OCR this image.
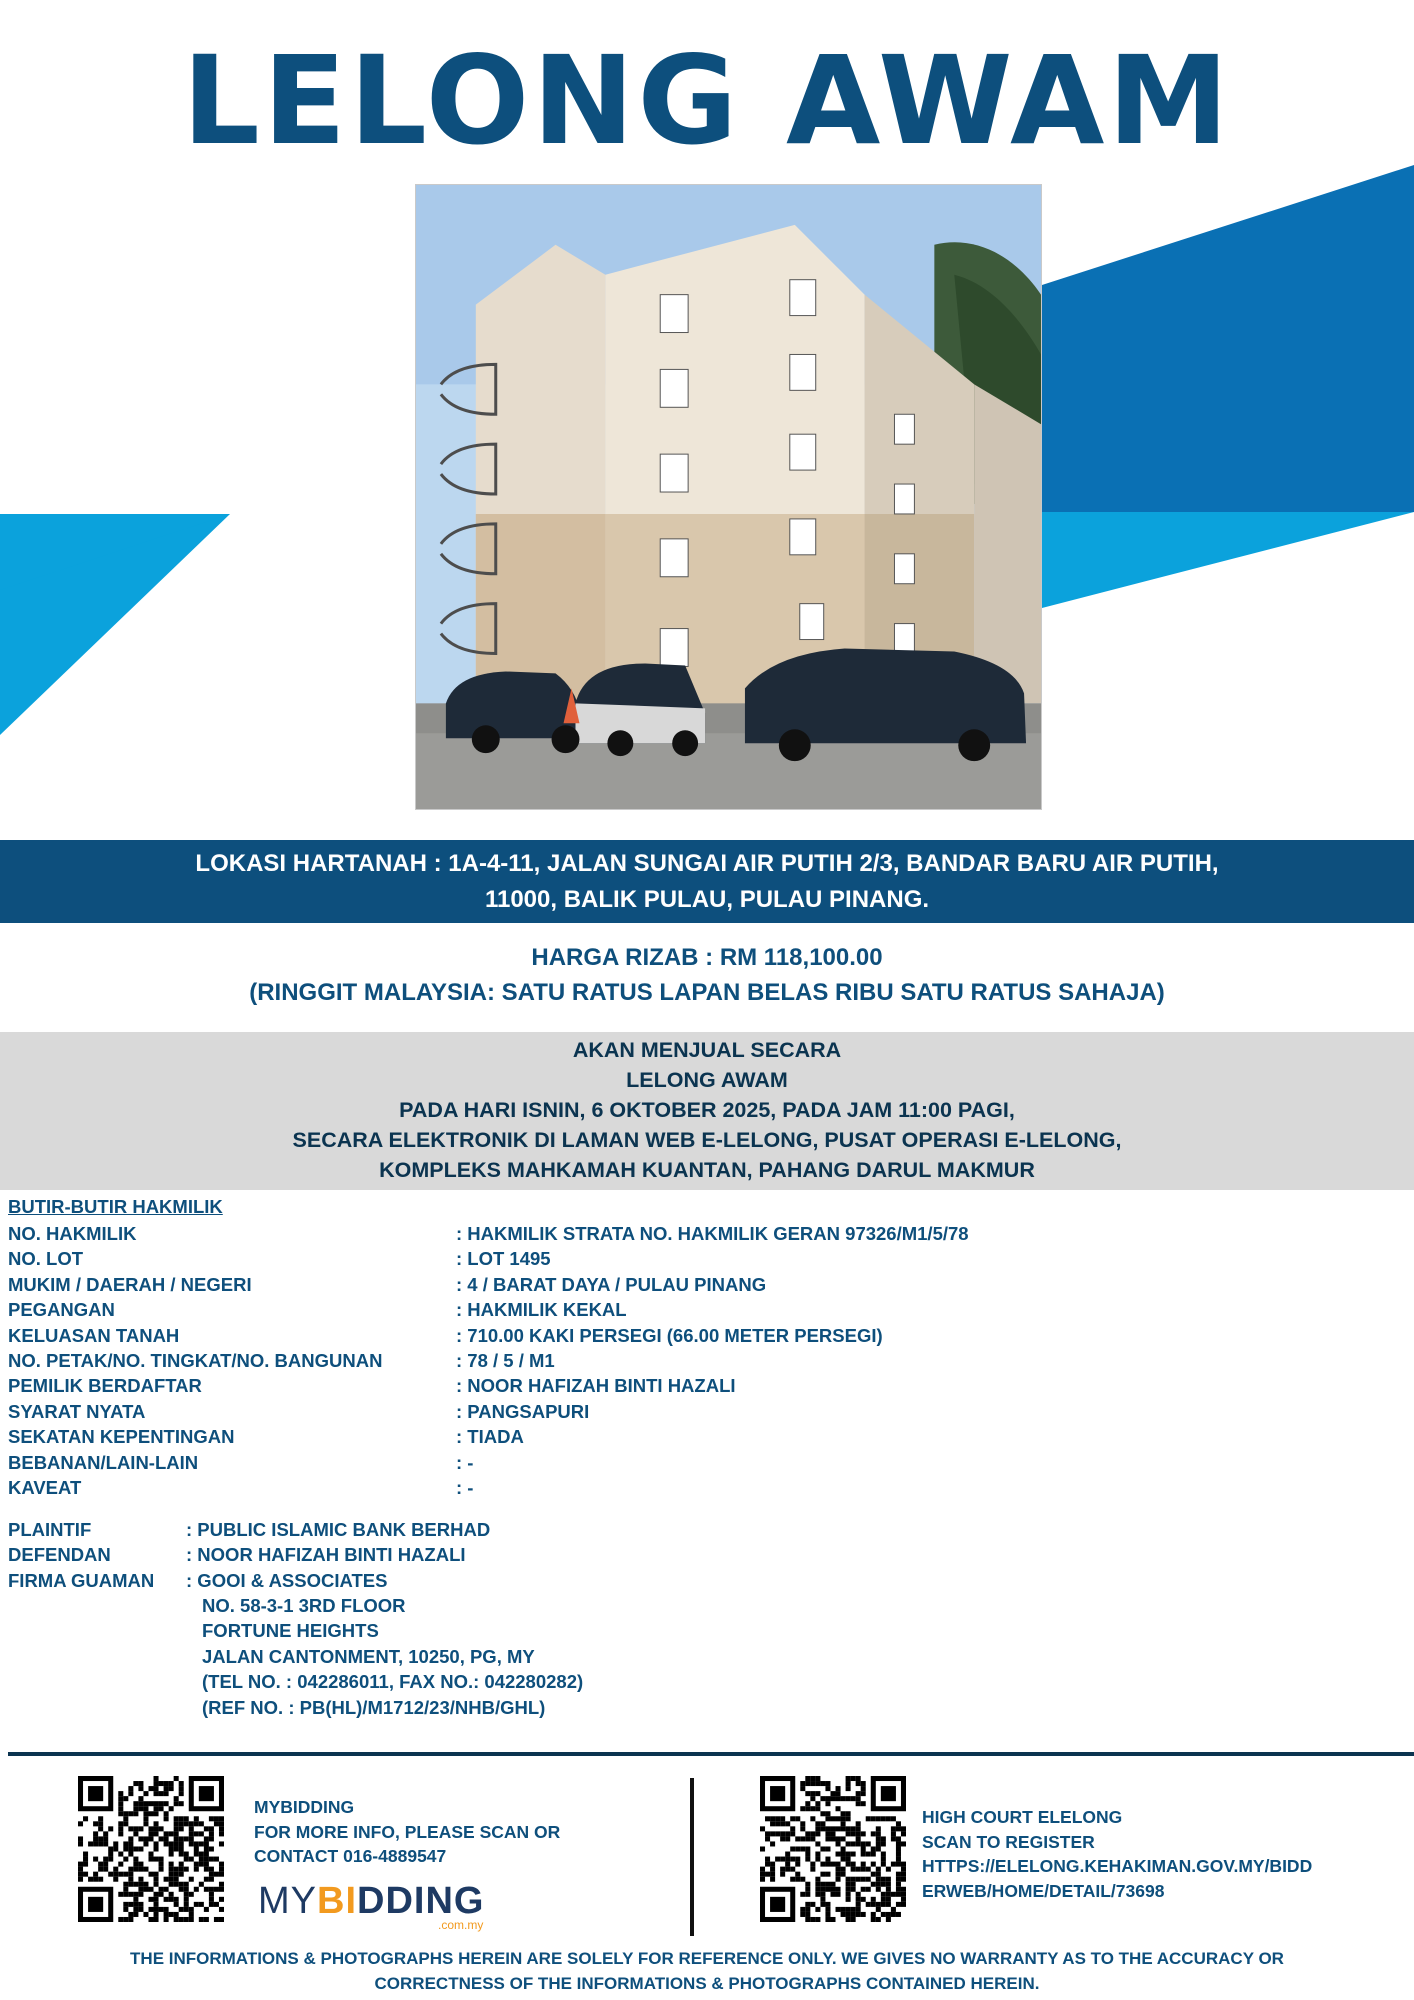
LELONG AWAM
LOKASI HARTANAH : 1A-4-11, JALAN SUNGAI AIR PUTIH 2/3, BANDAR BARU AIR PUTIH,
11000, BALIK PULAU, PULAU PINANG.
HARGA RIZAB : RM 118,100.00
(RINGGIT MALAYSIA: SATU RATUS LAPAN BELAS RIBU SATU RATUS SAHAJA)
AKAN MENJUAL SECARA
LELONG AWAM
PADA HARI ISNIN, 6 OKTOBER 2025, PADA JAM 11:00 PAGI,
SECARA ELEKTRONIK DI LAMAN WEB E-LELONG, PUSAT OPERASI E-LELONG,
KOMPLEKS MAHKAMAH KUANTAN, PAHANG DARUL MAKMUR
BUTIR-BUTIR HAKMILIK
NO. HAKMILIK	: HAKMILIK STRATA NO. HAKMILIK GERAN 97326/M1/5/78
NO. LOT	: LOT 1495
MUKIM / DAERAH / NEGERI	: 4 / BARAT DAYA / PULAU PINANG
PEGANGAN	: HAKMILIK KEKAL
KELUASAN TANAH	: 710.00 KAKI PERSEGI (66.00 METER PERSEGI)
NO. PETAK/NO. TINGKAT/NO. BANGUNAN	: 78 / 5 / M1
PEMILIK BERDAFTAR	: NOOR HAFIZAH BINTI HAZALI
SYARAT NYATA	: PANGSAPURI
SEKATAN KEPENTINGAN	: TIADA
BEBANAN/LAIN-LAIN	: -
KAVEAT	: -
PLAINTIF	: PUBLIC ISLAMIC BANK BERHAD
DEFENDAN	: NOOR HAFIZAH BINTI HAZALI
FIRMA GUAMAN : GOOI & ASSOCIATES
NO. 58-3-1 3RD FLOOR
FORTUNE HEIGHTS
JALAN CANTONMENT, 10250, PG, MY
(TEL NO. : 042286011, FAX NO.: 042280282)
(REF NO. : PB(HL)/M1712/23/NHB/GHL)
MYBIDDING
FOR MORE INFO, PLEASE SCAN OR
CONTACT 016-4889547
MYBIDDING
.com.my
HIGH COURT ELELONG
SCAN TO REGISTER
HTTPS://ELELONG.KEHAKIMAN.GOV.MY/BIDD
ERWEB/HOME/DETAIL/73698
THE INFORMATIONS & PHOTOGRAPHS HEREIN ARE SOLELY FOR REFERENCE ONLY. WE GIVES NO WARRANTY AS TO THE ACCURACY OR
CORRECTNESS OF THE INFORMATIONS & PHOTOGRAPHS CONTAINED HEREIN.
